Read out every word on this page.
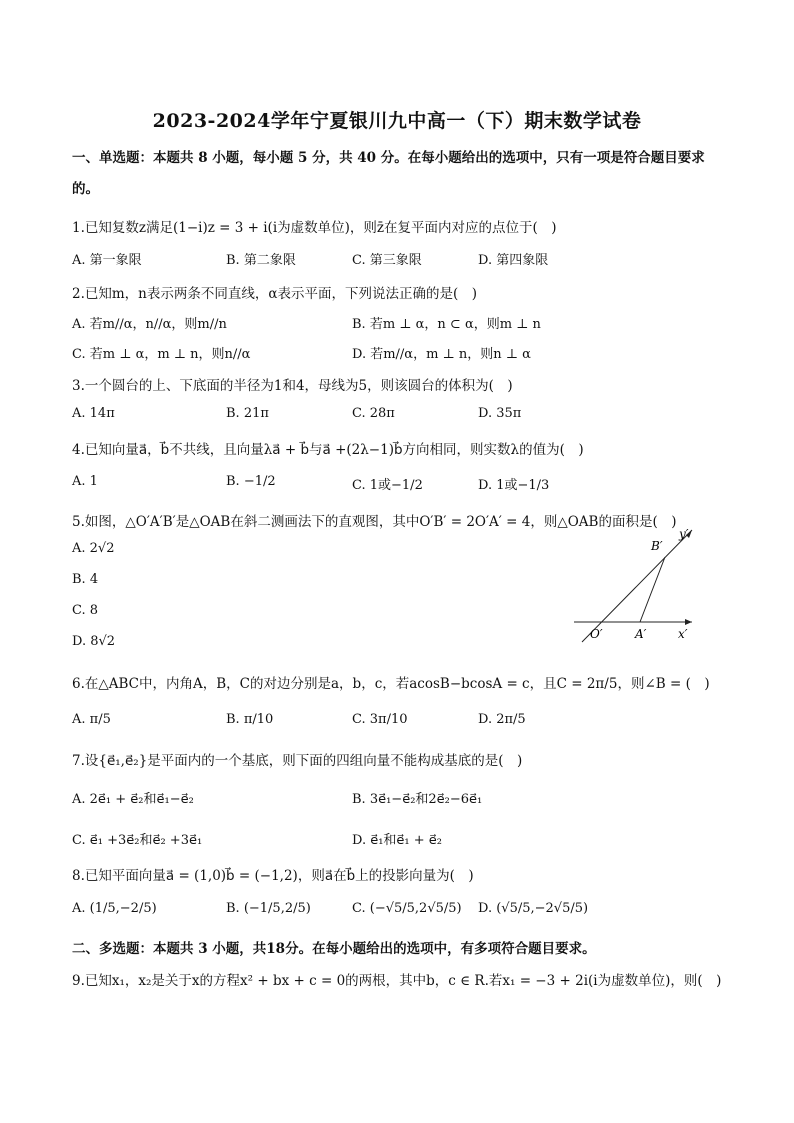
2023-2024学年宁夏银川九中高一（下）期末数学试卷
一、单选题：本题共 8 小题，每小题 5 分，共 40 分。在每小题给出的选项中，只有一项是符合题目要求
的。
1.已知复数z满足(1−i)z = 3 + i(i为虚数单位)，则z̄在复平面内对应的点位于(　)
A. 第一象限	B. 第二象限	C. 第三象限	D. 第四象限
2.已知m，n表示两条不同直线，α表示平面，下列说法正确的是(　)
A. 若m//α，n//α，则m//n	B. 若m ⊥ α，n ⊂ α，则m ⊥ n
C. 若m ⊥ α，m ⊥ n，则n//α	D. 若m//α，m ⊥ n，则n ⊥ α
3.一个圆台的上、下底面的半径为1和4，母线为5，则该圆台的体积为(　)
A. 14π	B. 21π	C. 28π	D. 35π
4.已知向量a⃗，b⃗不共线，且向量λa⃗ + b⃗与a⃗ +(2λ−1)b⃗方向相同，则实数λ的值为(　)
A. 1	B. −1/2	C. 1或−1/2	D. 1或−1/3
5.如图，△O′A′B′是△OAB在斜二测画法下的直观图，其中O′B′ = 2O′A′ = 4，则△OAB的面积是(　)
A. 2√2
B. 4
C. 8
D. 8√2
B′
y′
O′	A′	x′
6.在△ABC中，内角A，B，C的对边分别是a，b，c，若acosB−bcosA = c，且C = 2π/5，则∠B = (　)
A. π/5	B. π/10	C. 3π/10	D. 2π/5
7.设{e⃗₁,e⃗₂}是平面内的一个基底，则下面的四组向量不能构成基底的是(　)
A. 2e⃗₁ + e⃗₂和e⃗₁−e⃗₂	B. 3e⃗₁−e⃗₂和2e⃗₂−6e⃗₁
C. e⃗₁ +3e⃗₂和e⃗₂ +3e⃗₁	D. e⃗₁和e⃗₁ + e⃗₂
8.已知平面向量a⃗ = (1,0)b⃗ = (−1,2)，则a⃗在b⃗上的投影向量为(　)
A. (1/5,−2/5)	B. (−1/5,2/5)	C. (−√5/5,2√5/5) D. (√5/5,−2√5/5)
二、多选题：本题共 3 小题，共18分。在每小题给出的选项中，有多项符合题目要求。
9.已知x₁，x₂是关于x的方程x² + bx + c = 0的两根，其中b，c ∈ R.若x₁ = −3 + 2i(i为虚数单位)，则(　)
